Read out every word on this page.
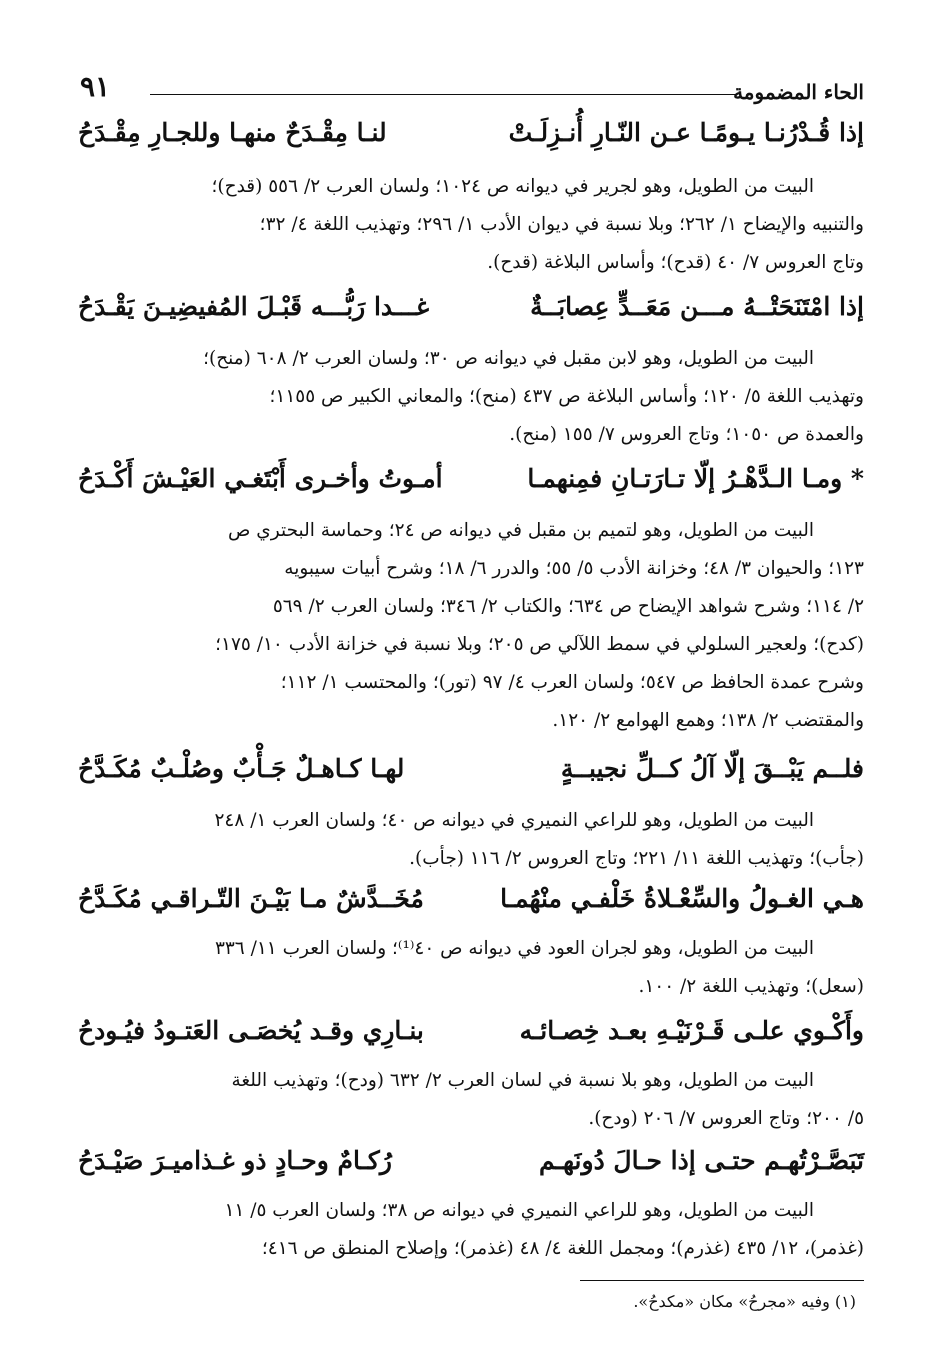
الحاء المضمومة
٩١
إذا قُـدْرُنـا يـومًـا عـن النّـارِ أُنـزِلَـتْ
لنـا مِقْـدَحٌ منهـا وللجـارِ مِقْـدَحُ
البيت من الطويل، وهو لجرير في ديوانه ص ١٠٢٤؛ ولسان العرب ٢/ ٥٥٦ (قدح)؛
والتنبيه والإيضاح ١/ ٢٦٢؛ وبلا نسبة في ديوان الأدب ١/ ٢٩٦؛ وتهذيب اللغة ٤/ ٣٢؛
وتاج العروس ٧/ ٤٠ (قدح)؛ وأساس البلاغة (قدح).
إذا امْتَنَحَتْــهُ مـــن مَعَــدٍّ عِصابَــةٌ
غـــدا رَبُّـــه قَبْـلَ المُفيضِيـنَ يَقْـدَحُ
البيت من الطويل، وهو لابن مقبل في ديوانه ص ٣٠؛ ولسان العرب ٢/ ٦٠٨ (منح)؛
وتهذيب اللغة ٥/ ١٢٠؛ وأساس البلاغة ص ٤٣٧ (منح)؛ والمعاني الكبير ص ١١٥٥؛
والعمدة ص ١٠٥٠؛ وتاج العروس ٧/ ١٥٥ (منح).
* ومـا الـدَّهْـرُ إلّا تـارَتـانِ فمِنهمـا
أمـوتُ وأخـرى أَبْتَغـي العَيْـشَ أَكْـدَحُ
البيت من الطويل، وهو لتميم بن مقبل في ديوانه ص ٢٤؛ وحماسة البحتري ص
١٢٣؛ والحيوان ٣/ ٤٨؛ وخزانة الأدب ٥/ ٥٥؛ والدرر ٦/ ١٨؛ وشرح أبيات سيبويه
٢/ ١١٤؛ وشرح شواهد الإيضاح ص ٦٣٤؛ والكتاب ٢/ ٣٤٦؛ ولسان العرب ٢/ ٥٦٩
(كدح)؛ ولعجير السلولي في سمط اللآلي ص ٢٠٥؛ وبلا نسبة في خزانة الأدب ١٠/ ١٧٥؛
وشرح عمدة الحافظ ص ٥٤٧؛ ولسان العرب ٤/ ٩٧ (تور)؛ والمحتسب ١/ ١١٢؛
والمقتضب ٢/ ١٣٨؛ وهمع الهوامع ٢/ ١٢٠.
فلــم يَبْــقَ إلّا آلُ كــلِّ نجيبــةٍ
لهـا كـاهـلٌ جَـأْبٌ وصُلْـبٌ مُكَـدَّحُ
البيت من الطويل، وهو للراعي النميري في ديوانه ص ٤٠؛ ولسان العرب ١/ ٢٤٨
(جأب)؛ وتهذيب اللغة ١١/ ٢٢١؛ وتاج العروس ٢/ ١١٦ (جأب).
هـي الغـولُ والسِّعْـلاةُ خَلْفـي منْهُمـا
مُخَــدَّشٌ مـا بَيْـنَ التّـراقـي مُكَـدَّحُ
البيت من الطويل، وهو لجران العود في ديوانه ص ٤٠⁽¹⁾؛ ولسان العرب ١١/ ٣٣٦
(سعل)؛ وتهذيب اللغة ٢/ ١٠٠.
وأَكْـوي علـى قَـرْنَيْـهِ بعـد خِصـائـه
بنـارِي وقـد يُخصَـى العَتـودُ فيُـودحُ
البيت من الطويل، وهو بلا نسبة في لسان العرب ٢/ ٦٣٢ (ودح)؛ وتهذيب اللغة
٥/ ٢٠٠؛ وتاج العروس ٧/ ٢٠٦ (ودح).
تَبَصَّـرْتُهـم حتـى إذا حـالَ دُونَهـم
رُكـامٌ وحـادٍ ذو غـذاميـرَ صَيْـدَحُ
البيت من الطويل، وهو للراعي النميري في ديوانه ص ٣٨؛ ولسان العرب ٥/ ١١
(غذمر)، ١٢/ ٤٣٥ (غذرم)؛ ومجمل اللغة ٤/ ٤٨ (غذمر)؛ وإصلاح المنطق ص ٤١٦؛
(١) وفيه «مجرحُ» مكان «مكدحُ».
